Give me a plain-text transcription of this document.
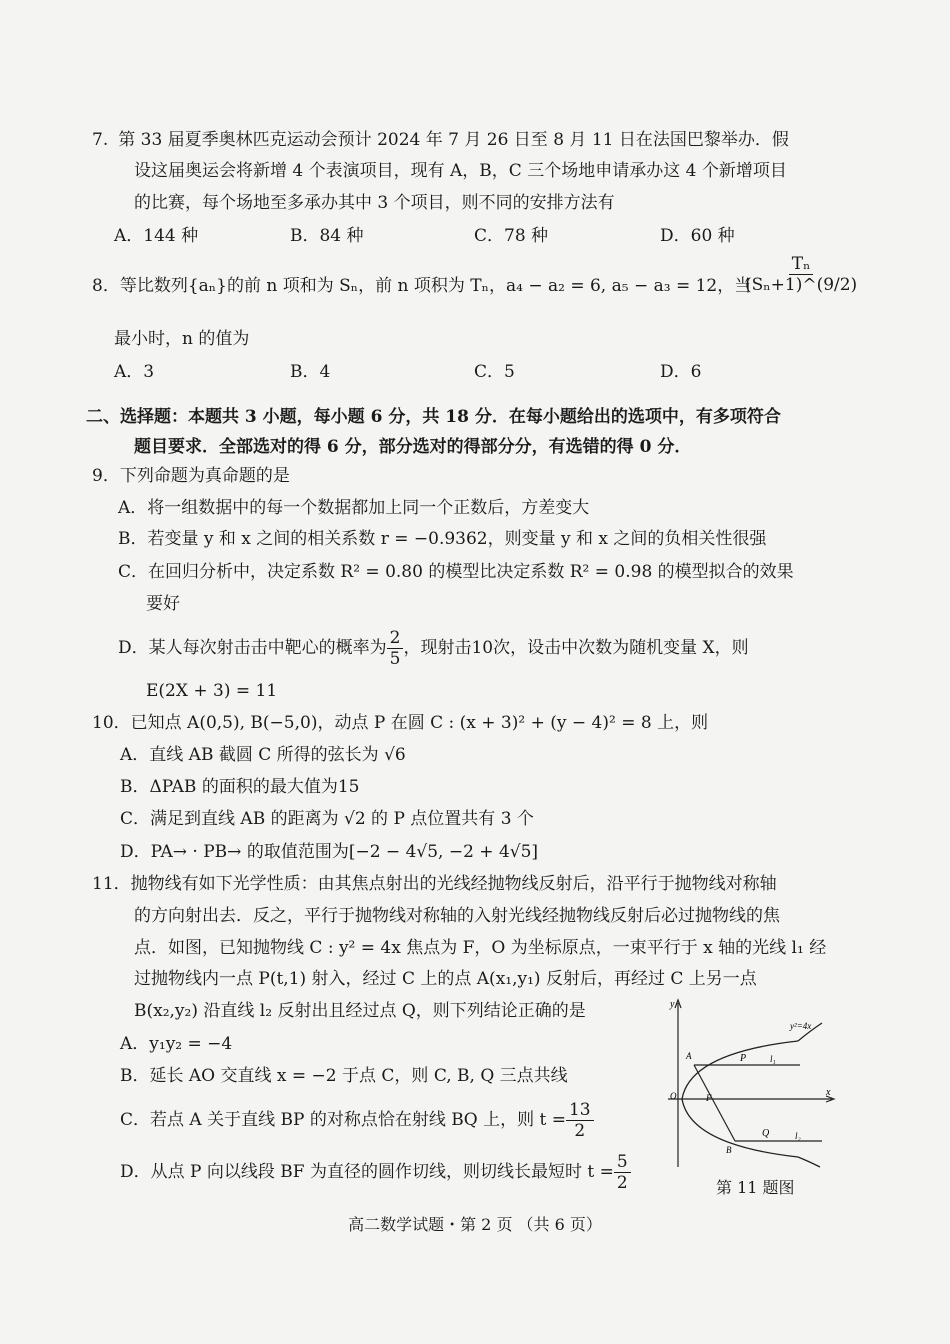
7. 第 33 届夏季奥林匹克运动会预计 2024 年 7 月 26 日至 8 月 11 日在法国巴黎举办．假
设这届奥运会将新增 4 个表演项目，现有 A，B，C 三个场地申请承办这 4 个新增项目
的比赛，每个场地至多承办其中 3 个项目，则不同的安排方法有
A．144 种	B．84 种	C．78 种	D．60 种
8．等比数列{aₙ}的前 n 项和为 Sₙ，前 n 项积为 Tₙ，a₄ − a₂ = 6, a₅ − a₃ = 12，当
$\frac{\text{Tₙ}}{\text{(Sₙ+1)\textasciicircum{}(9/2)}}$
最小时，n 的值为
A．3	B．4	C．5	D．6
二、选择题：本题共 3 小题，每小题 6 分，共 18 分．在每小题给出的选项中，有多项符合
题目要求．全部选对的得 6 分，部分选对的得部分分，有选错的得 0 分．
9．下列命题为真命题的是
A．将一组数据中的每一个数据都加上同一个正数后，方差变大
B．若变量 y 和 x 之间的相关系数 r = −0.9362，则变量 y 和 x 之间的负相关性很强
C．在回归分析中，决定系数 R² = 0.80 的模型比决定系数 R² = 0.98 的模型拟合的效果
要好
D．某人每次射击击中靶心的概率为 $\frac{2}{5}$ ，现射击10次，设击中次数为随机变量 X，则
E(2X + 3) = 11
10．已知点 A(0,5), B(−5,0)，动点 P 在圆 C : (x + 3)² + (y − 4)² = 8 上，则
A．直线 AB 截圆 C 所得的弦长为 √6
B．ΔPAB 的面积的最大值为15
C．满足到直线 AB 的距离为 √2 的 P 点位置共有 3 个
D．PA→ · PB→ 的取值范围为[−2 − 4√5, −2 + 4√5]
11．抛物线有如下光学性质：由其焦点射出的光线经抛物线反射后，沿平行于抛物线对称轴
的方向射出去．反之，平行于抛物线对称轴的入射光线经抛物线反射后必过抛物线的焦
点．如图，已知抛物线 C : y² = 4x 焦点为 F，O 为坐标原点，一束平行于 x 轴的光线 l₁ 经
过抛物线内一点 P(t,1) 射入，经过 C 上的点 A(x₁,y₁) 反射后，再经过 C 上另一点
B(x₂,y₂) 沿直线 l₂ 反射出且经过点 Q，则下列结论正确的是
A．y₁y₂ = −4
B．延长 AO 交直线 x = −2 于点 C，则 C, B, Q 三点共线
C．若点 A 关于直线 BP 的对称点恰在射线 BQ 上，则 $t = \frac{13}{2}$
D．从点 P 向以线段 BF 为直径的圆作切线，则切线长最短时 $t = \frac{5}{2}$
y
x
y²=4x
P	l₁
A
O	F
B
Q	l₂
第 11 题图
高二数学试题・第 2 页 （共 6 页）
